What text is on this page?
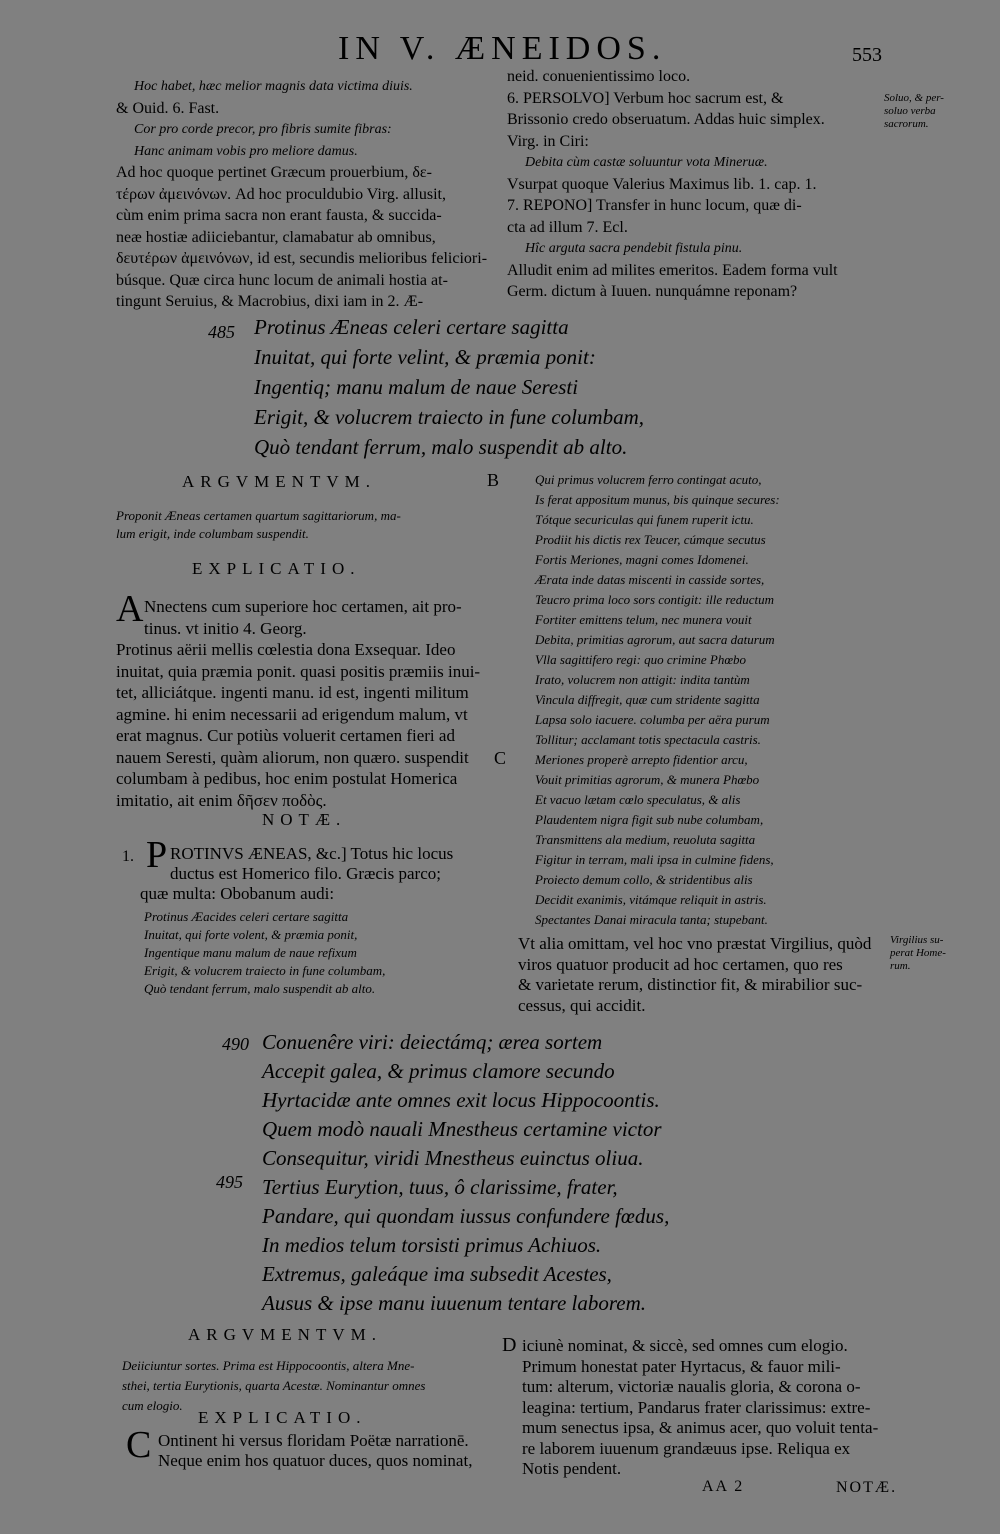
IN V. ÆNEIDOS.	553
Hoc habet, hæc melior magnis data victima diuis.
& Ouid. 6. Fast.
Cor pro corde precor, pro fibris sumite fibras:
Hanc animam vobis pro meliore damus.
Ad hoc quoque pertinet Græcum prouerbium, δε-
τέρων ἀμεινόνων. Ad hoc proculdubio Virg. allusit,
cùm enim prima sacra non erant fausta, & succida-
neæ hostiæ adiiciebantur, clamabatur ab omnibus,
δευτέρων ἀμεινόνων, id est, secundis melioribus feliciori-
búsque. Quæ circa hunc locum de animali hostia at-
tingunt Seruius, & Macrobius, dixi iam in 2. Æ-
neid. conuenientissimo loco.
6. PERSOLVO] Verbum hoc sacrum est, &
Brissonio credo obseruatum. Addas huic simplex.
Virg. in Ciri:
Debita cùm castæ soluuntur vota Mineruæ.
Vsurpat quoque Valerius Maximus lib. 1. cap. 1.
7. REPONO] Transfer in hunc locum, quæ di-
cta ad illum 7. Ecl.
Hîc arguta sacra pendebit fistula pinu.
Alludit enim ad milites emeritos. Eadem forma vult
Germ. dictum à Iuuen. nunquámne reponam?
Soluo, & per-
soluo verba
sacrorum.
485 Protinus Æneas celeri certare sagitta
Inuitat, qui forte velint, & præmia ponit:
Ingentiq; manu malum de naue Seresti
Erigit, & volucrem traiecto in fune columbam,
Quò tendant ferrum, malo suspendit ab alto.
ARGVMENTVM.	B
Proponit Æneas certamen quartum sagittariorum, ma-
lum erigit, inde columbam suspendit.
EXPLICATIO.
A Nnectens cum superiore hoc certamen, ait pro-
tinus. vt initio 4. Georg.
Protinus aërii mellis cœlestia dona Exsequar. Ideo
inuitat, quia præmia ponit. quasi positis præmiis inui-
tet, alliciátque. ingenti manu. id est, ingenti militum
agmine. hi enim necessarii ad erigendum malum, vt
erat magnus. Cur potiùs voluerit certamen fieri ad
nauem Seresti, quàm aliorum, non quæro. suspendit
columbam à pedibus, hoc enim postulat Homerica
imitatio, ait enim δῆσεν ποδὸς.
C
NOTÆ.
1. P ROTINVS ÆNEAS, &c.] Totus hic locus
ductus est Homerico filo. Græcis parco;
quæ multa: Obobanum audi:
Protinus Æacides celeri certare sagitta
Inuitat, qui forte volent, & præmia ponit,
Ingentique manu malum de naue refixum
Erigit, & volucrem traiecto in fune columbam,
Quò tendant ferrum, malo suspendit ab alto.
Qui primus volucrem ferro contingat acuto,
Is ferat appositum munus, bis quinque secures:
Tótque securiculas qui funem ruperit ictu.
Prodiit his dictis rex Teucer, cúmque secutus
Fortis Meriones, magni comes Idomenei.
Ærata inde datas miscenti in casside sortes,
Teucro prima loco sors contigit: ille reductum
Fortiter emittens telum, nec munera vouit
Debita, primitias agrorum, aut sacra daturum
Vlla sagittifero regi: quo crimine Phœbo
Irato, volucrem non attigit: indita tantùm
Vincula diffregit, quæ cum stridente sagitta
Lapsa solo iacuere. columba per aëra purum
Tollitur; acclamant totis spectacula castris.
Meriones properè arrepto fidentior arcu,
Vouit primitias agrorum, & munera Phœbo
Et vacuo lætam cœlo speculatus, & alis
Plaudentem nigra figit sub nube columbam,
Transmittens ala medium, reuoluta sagitta
Figitur in terram, mali ipsa in culmine fidens,
Proiecto demum collo, & stridentibus alis
Decidit exanimis, vitámque reliquit in astris.
Spectantes Danai miracula tanta; stupebant.
Vt alia omittam, vel hoc vno præstat Virgilius, quòd
viros quatuor producit ad hoc certamen, quo res
& varietate rerum, distinctior fit, & mirabilior suc-
cessus, qui accidit.
Virgilius su-
perat Home-
rum.
490
495
Conuenêre viri: deiectámq; ærea sortem
Accepit galea, & primus clamore secundo
Hyrtacidæ ante omnes exit locus Hippocoontis.
Quem modò nauali Mnestheus certamine victor
Consequitur, viridi Mnestheus euinctus oliua.
Tertius Eurytion, tuus, ô clarissime, frater,
Pandare, qui quondam iussus confundere fœdus,
In medios telum torsisti primus Achiuos.
Extremus, galeáque ima subsedit Acestes,
Ausus & ipse manu iuuenum tentare laborem.
ARGVMENTVM.
Deiiciuntur sortes. Prima est Hippocoontis, altera Mne-
sthei, tertia Eurytionis, quarta Acestæ. Nominantur omnes
cum elogio.
EXPLICATIO.
C Ontinent hi versus floridam Poëtæ narrationē.
Neque enim hos quatuor duces, quos nominat,
D iciunè nominat, & siccè, sed omnes cum elogio.
Primum honestat pater Hyrtacus, & fauor mili-
tum: alterum, victoriæ naualis gloria, & corona o-
leagina: tertium, Pandarus frater clarissimus: extre-
mum senectus ipsa, & animus acer, quo voluit tenta-
re laborem iuuenum grandæuus ipse. Reliqua ex
Notis pendent.
AA 2	NOTÆ.
